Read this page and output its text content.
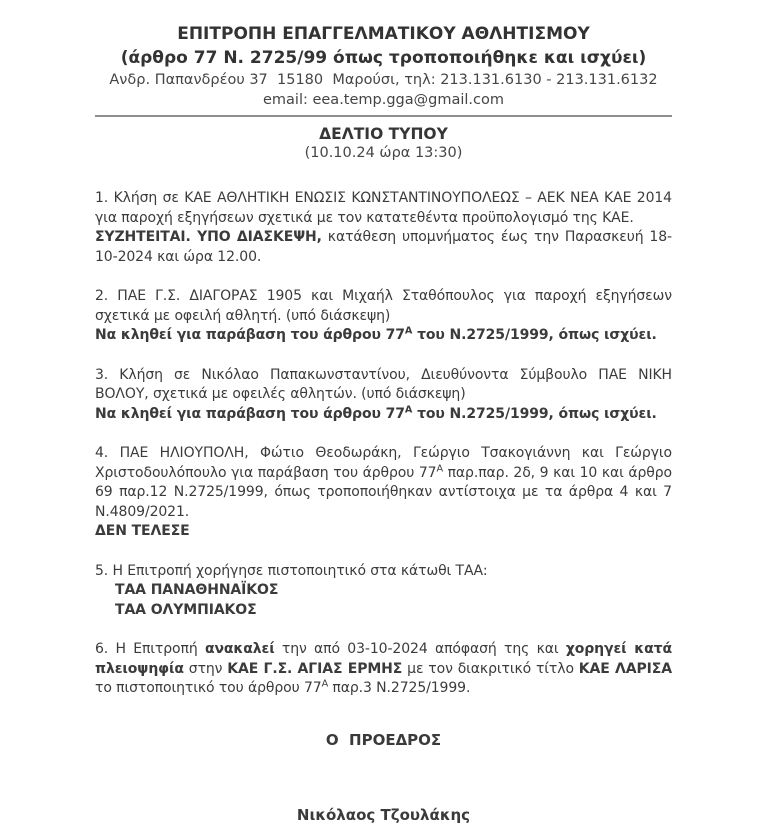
ΕΠΙΤΡΟΠΗ ΕΠΑΓΓΕΛΜΑΤΙΚΟΥ ΑΘΛΗΤΙΣΜΟΥ
(άρθρο 77 Ν. 2725/99 όπως τροποποιήθηκε και ισχύει)
Ανδρ. Παπανδρέου 37  15180  Μαρούσι, τηλ: 213.131.6130 - 213.131.6132
email: eea.temp.gga@gmail.com
ΔΕΛΤΙΟ ΤΥΠΟΥ
(10.10.24 ώρα 13:30)

1. Κλήση σε ΚΑΕ ΑΘΛΗΤΙΚΗ ΕΝΩΣΙΣ ΚΩΝΣΤΑΝΤΙΝΟΥΠΟΛΕΩΣ – ΑΕΚ ΝΕΑ ΚΑΕ 2014 για παροχή εξηγήσεων σχετικά με τον κατατεθέντα προϋπολογισμό της ΚΑΕ.
ΣΥΖΗΤΕΙΤΑΙ. ΥΠΟ ΔΙΑΣΚΕΨΗ, κατάθεση υπομνήματος έως την Παρασκευή 18-10-2024 και ώρα 12.00.

2. ΠΑΕ Γ.Σ. ΔΙΑΓΟΡΑΣ 1905 και Μιχαήλ Σταθόπουλος για παροχή εξηγήσεων σχετικά με οφειλή αθλητή. (υπό διάσκεψη)
Να κληθεί για παράβαση του άρθρου $77^A$ του Ν.2725/1999, όπως ισχύει.

3. Κλήση σε Νικόλαο Παπακωνσταντίνου, Διευθύνοντα Σύμβουλο ΠΑΕ ΝΙΚΗ ΒΟΛΟΥ, σχετικά με οφειλές αθλητών. (υπό διάσκεψη)
Να κληθεί για παράβαση του άρθρου $77^A$ του Ν.2725/1999, όπως ισχύει.

4. ΠΑΕ ΗΛΙΟΥΠΟΛΗ, Φώτιο Θεοδωράκη, Γεώργιο Τσακογιάννη και Γεώργιο Χριστοδουλόπουλο για παράβαση του άρθρου $77^A$ παρ.παρ. 2δ, 9 και 10 και άρθρο 69 παρ.12 Ν.2725/1999, όπως τροποποιήθηκαν αντίστοιχα με τα άρθρα 4 και 7 Ν.4809/2021.
ΔΕΝ ΤΕΛΕΣΕ

5. Η Επιτροπή χορήγησε πιστοποιητικό στα κάτωθι ΤΑΑ:
ΤΑΑ ΠΑΝΑΘΗΝΑΪΚΟΣ
ΤΑΑ ΟΛΥΜΠΙΑΚΟΣ

6. Η Επιτροπή ανακαλεί την από 03-10-2024 απόφασή της και χορηγεί κατά πλειοψηφία στην ΚΑΕ Γ.Σ. ΑΓΙΑΣ ΕΡΜΗΣ με τον διακριτικό τίτλο ΚΑΕ ΛΑΡΙΣΑ το πιστοποιητικό του άρθρου $77^A$ παρ.3 Ν.2725/1999.

Ο  ΠΡΟΕΔΡΟΣ
Νικόλαος Τζουλάκης
